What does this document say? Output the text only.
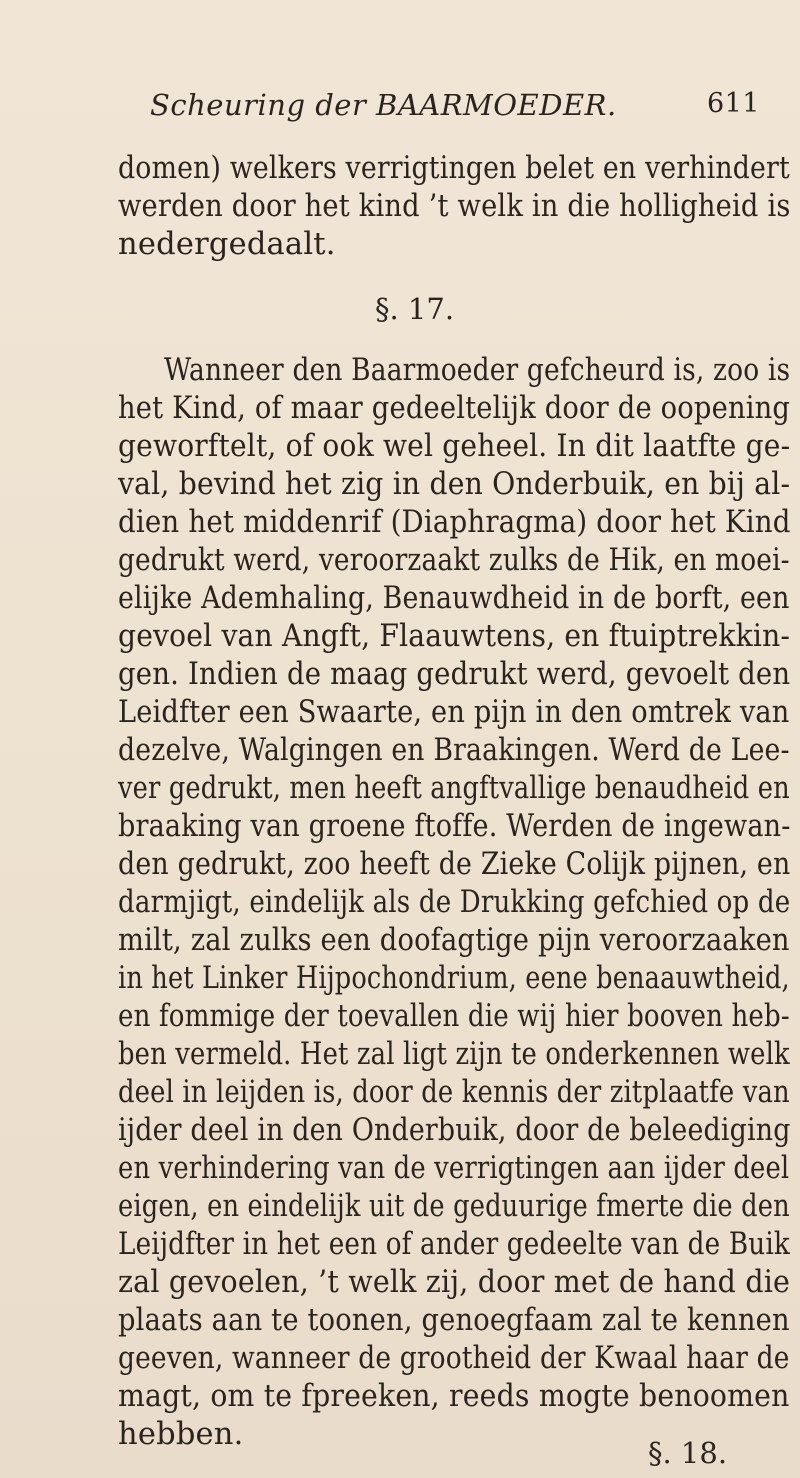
Scheuring der BAARMOEDER.	611
domen) welkers verrigtingen belet en verhindert
werden door het kind ’t welk in die holligheid is
nedergedaalt.
§. 17.
Wanneer den Baarmoeder gefcheurd is, zoo is
het Kind, of maar gedeeltelijk door de oopening
geworftelt, of ook wel geheel. In dit laatfte ge-
val, bevind het zig in den Onderbuik, en bij al-
dien het middenrif (Diaphragma) door het Kind
gedrukt werd, veroorzaakt zulks de Hik, en moei-
elijke Ademhaling, Benauwdheid in de borft, een
gevoel van Angft, Flaauwtens, en ftuiptrekkin-
gen. Indien de maag gedrukt werd, gevoelt den
Leidfter een Swaarte, en pijn in den omtrek van
dezelve, Walgingen en Braakingen. Werd de Lee-
ver gedrukt, men heeft angftvallige benaudheid en
braaking van groene ftoffe. Werden de ingewan-
den gedrukt, zoo heeft de Zieke Colijk pijnen, en
darmjigt, eindelijk als de Drukking gefchied op de
milt, zal zulks een doofagtige pijn veroorzaaken
in het Linker Hijpochondrium, eene benaauwtheid,
en fommige der toevallen die wij hier booven heb-
ben vermeld. Het zal ligt zijn te onderkennen welk
deel in leijden is, door de kennis der zitplaatfe van
ijder deel in den Onderbuik, door de beleediging
en verhindering van de verrigtingen aan ijder deel
eigen, en eindelijk uit de geduurige fmerte die den
Leijdfter in het een of ander gedeelte van de Buik
zal gevoelen, ’t welk zij, door met de hand die
plaats aan te toonen, genoegfaam zal te kennen
geeven, wanneer de grootheid der Kwaal haar de
magt, om te fpreeken, reeds mogte benoomen
hebben.
§. 18.
